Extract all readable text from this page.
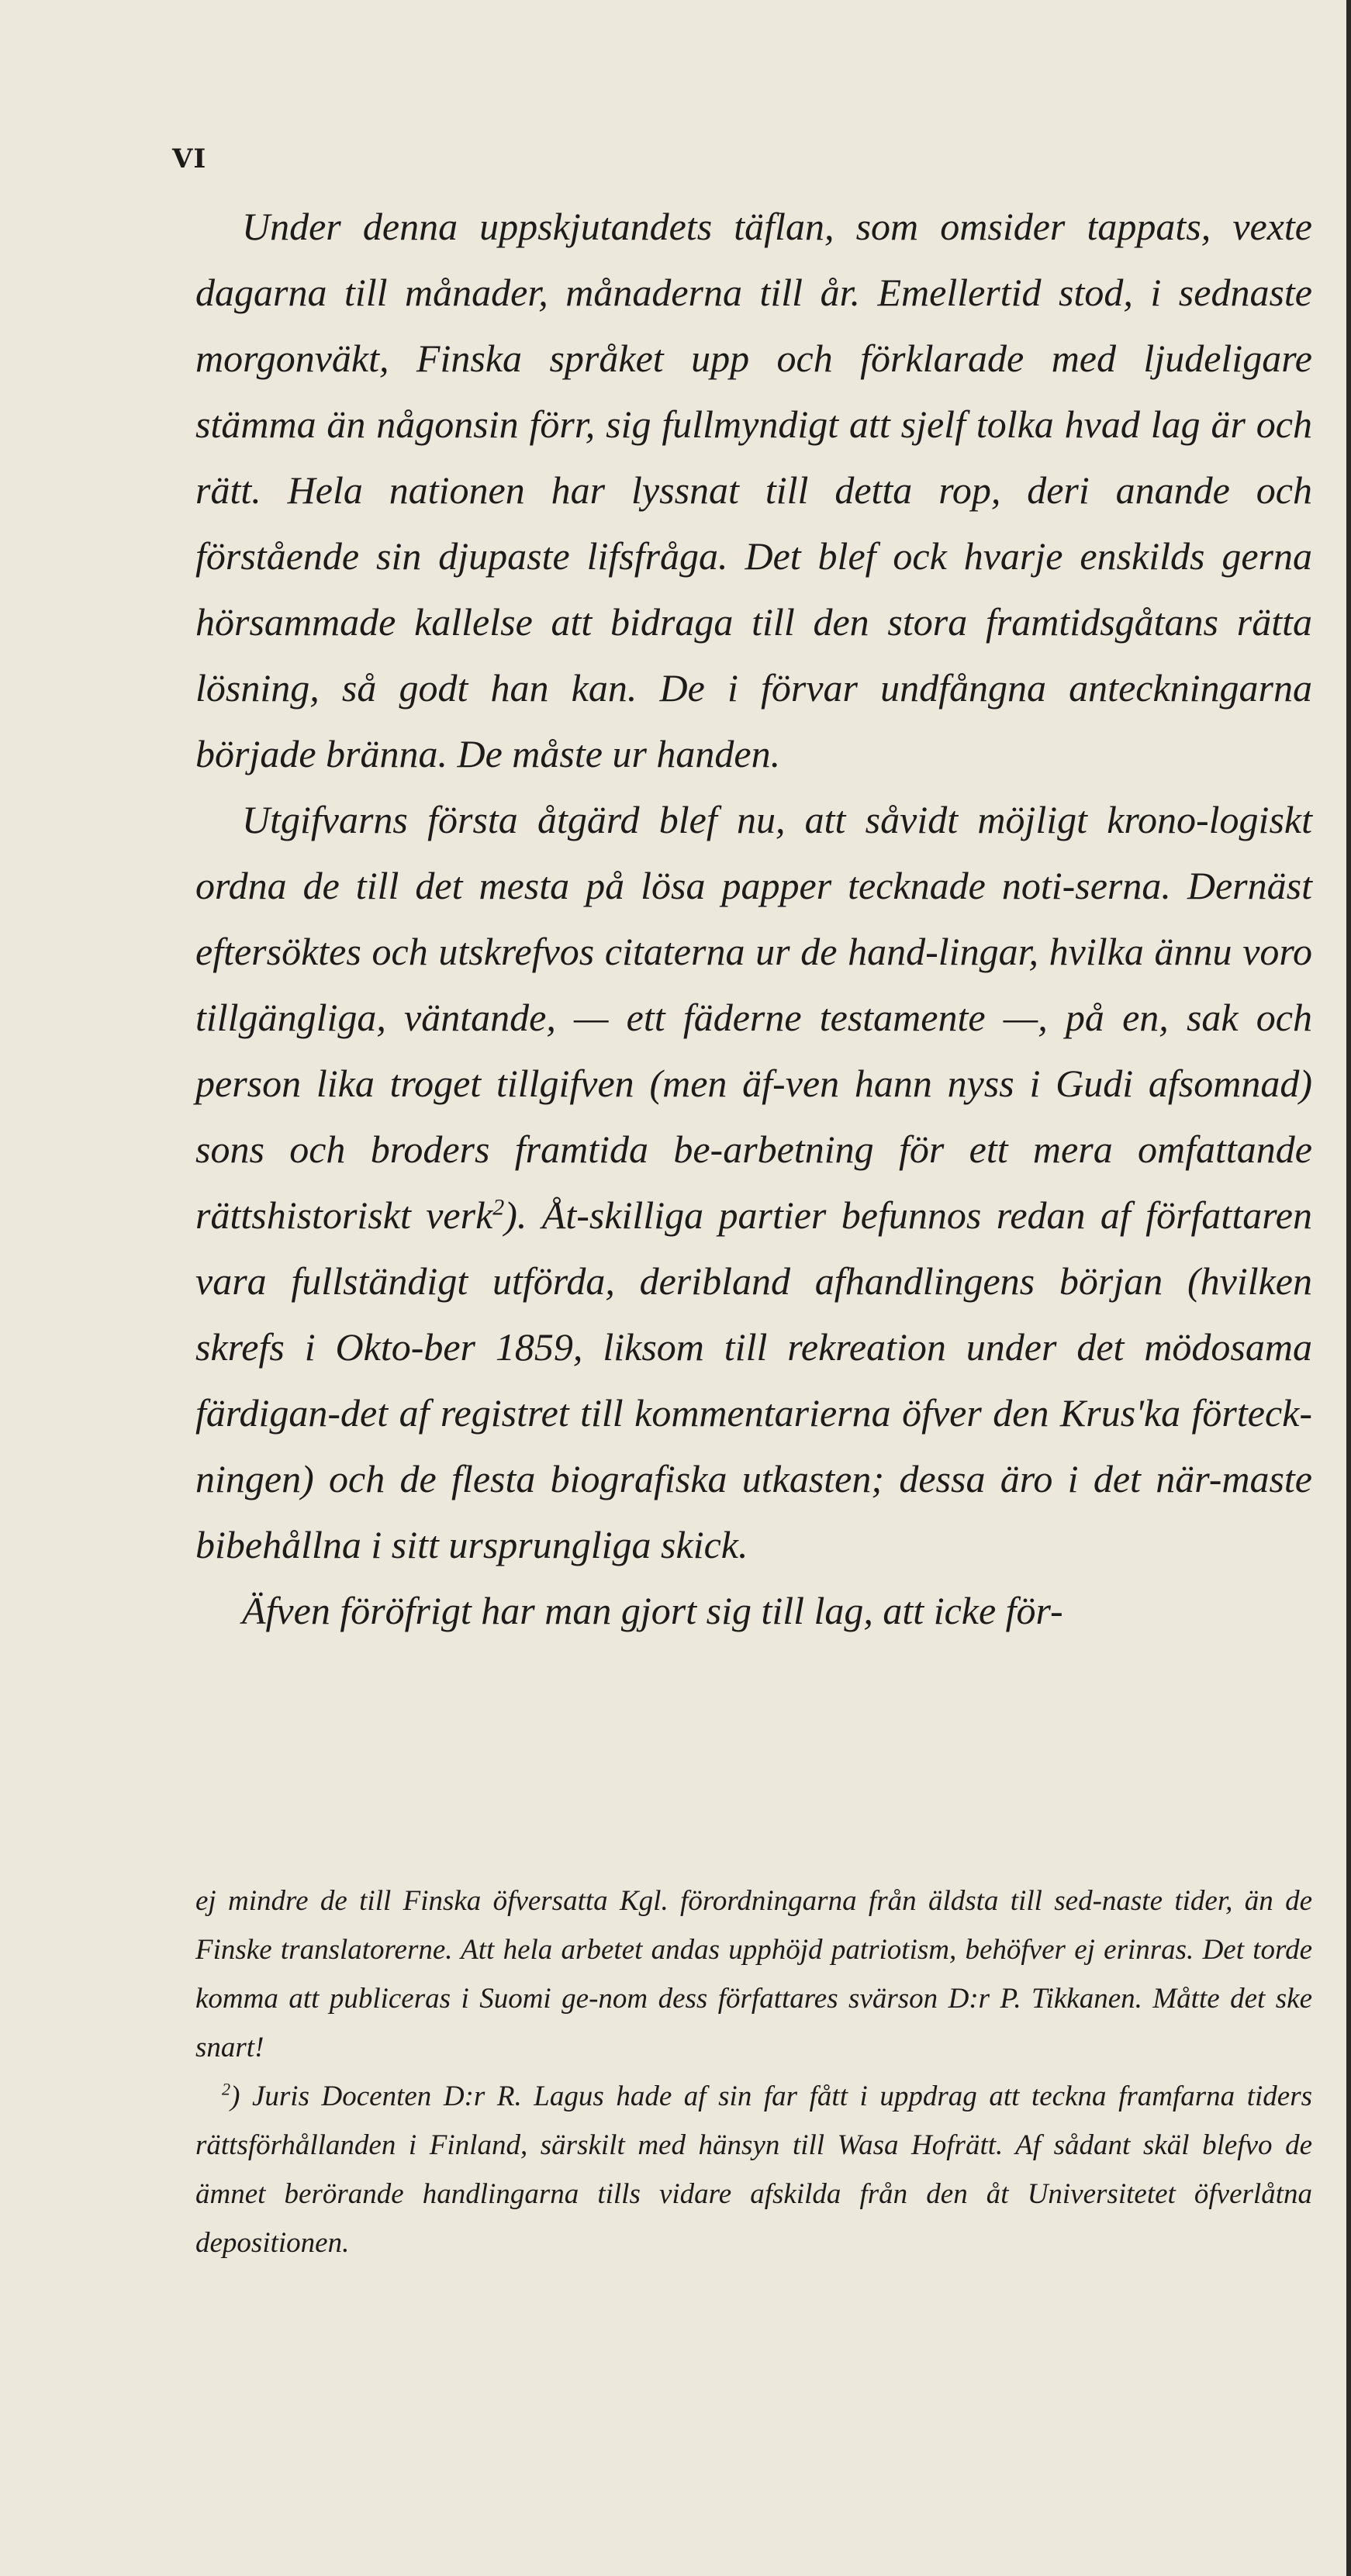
VI

Under denna uppskjutandets täflan, som omsider tappats, vexte dagarna till månader, månaderna till år. Emellertid stod, i sednaste morgonväkt, Finska språket upp och förklarade med ljudeligare stämma än någonsin förr, sig fullmyndigt att sjelf tolka hvad lag är och rätt. Hela nationen har lyssnat till detta rop, deri anande och förstående sin djupaste lifsfråga. Det blef ock hvarje enskilds gerna hörsammade kallelse att bidraga till den stora framtidsgåtans rätta lösning, så godt han kan. De i förvar undfångna anteckningarna började bränna. De måste ur handen.

Utgifvarns första åtgärd blef nu, att såvidt möjligt krono-logiskt ordna de till det mesta på lösa papper tecknade noti-serna. Dernäst eftersöktes och utskrefvos citaterna ur de hand-lingar, hvilka ännu voro tillgängliga, väntande, — ett fäderne testamente —, på en, sak och person lika troget tillgifven (men äf-ven hann nyss i Gudi afsomnad) sons och broders framtida be-arbetning för ett mera omfattande rättshistoriskt verk$^2$). Åt-skilliga partier befunnos redan af författaren vara fullständigt utförda, deribland afhandlingens början (hvilken skrefs i Okto-ber 1859, liksom till rekreation under det mödosama färdigan-det af registret till kommentarierna öfver den Krus'ka förteck-ningen) och de flesta biografiska utkasten; dessa äro i det när-maste bibehållna i sitt ursprungliga skick.

Äfven föröfrigt har man gjort sig till lag, att icke för-

ej mindre de till Finska öfversatta Kgl. förordningarna från äldsta till sed-naste tider, än de Finske translatorerne. Att hela arbetet andas upphöjd patriotism, behöfver ej erinras. Det torde komma att publiceras i Suomi ge-nom dess författares svärson D:r P. Tikkanen. Måtte det ske snart!

$^2$) Juris Docenten D:r R. Lagus hade af sin far fått i uppdrag att teckna framfarna tiders rättsförhållanden i Finland, särskilt med hänsyn till Wasa Hofrätt. Af sådant skäl blefvo de ämnet berörande handlingarna tills vidare afskilda från den åt Universitetet öfverlåtna depositionen.
